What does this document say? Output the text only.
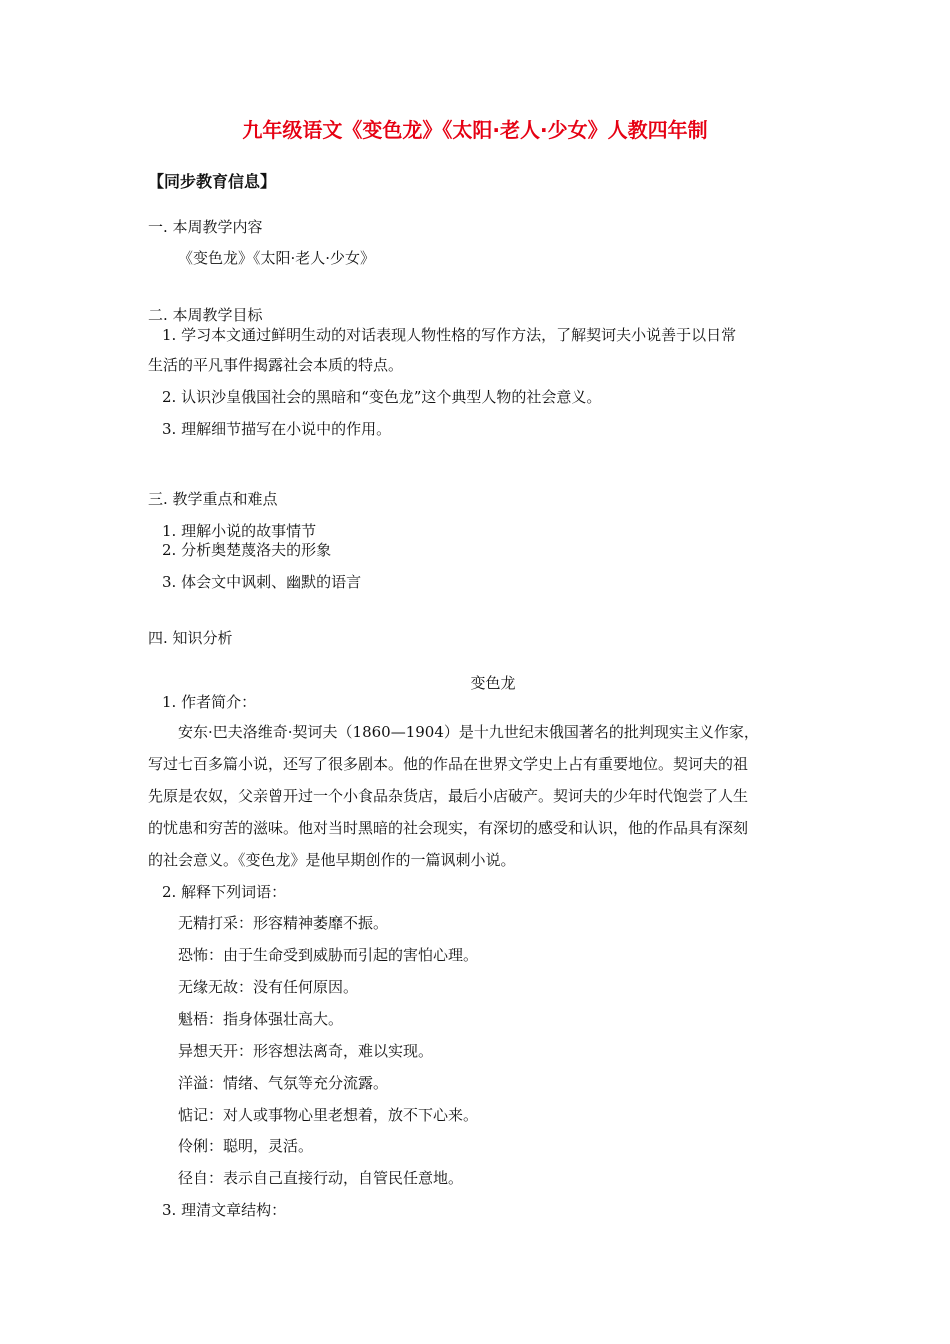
九年级语文《变色龙》《太阳·老人·少女》人教四年制
【同步教育信息】
一. 本周教学内容
《变色龙》《太阳·老人·少女》
二. 本周教学目标
1. 学习本文通过鲜明生动的对话表现人物性格的写作方法，了解契诃夫小说善于以日常
生活的平凡事件揭露社会本质的特点。
2. 认识沙皇俄国社会的黑暗和“变色龙”这个典型人物的社会意义。
3. 理解细节描写在小说中的作用。
三. 教学重点和难点
1. 理解小说的故事情节
2. 分析奥楚蔑洛夫的形象
3. 体会文中讽刺、幽默的语言
四. 知识分析
变色龙
1. 作者简介：
安东·巴夫洛维奇·契诃夫（1860—1904）是十九世纪末俄国著名的批判现实主义作家，
写过七百多篇小说，还写了很多剧本。他的作品在世界文学史上占有重要地位。契诃夫的祖
先原是农奴，父亲曾开过一个小食品杂货店，最后小店破产。契诃夫的少年时代饱尝了人生
的忧患和穷苦的滋味。他对当时黑暗的社会现实，有深切的感受和认识，他的作品具有深刻
的社会意义。《变色龙》是他早期创作的一篇讽刺小说。
2. 解释下列词语：
无精打采：形容精神萎靡不振。
恐怖：由于生命受到威胁而引起的害怕心理。
无缘无故：没有任何原因。
魁梧：指身体强壮高大。
异想天开：形容想法离奇，难以实现。
洋溢：情绪、气氛等充分流露。
惦记：对人或事物心里老想着，放不下心来。
伶俐：聪明，灵活。
径自：表示自己直接行动，自管民任意地。
3. 理清文章结构：
